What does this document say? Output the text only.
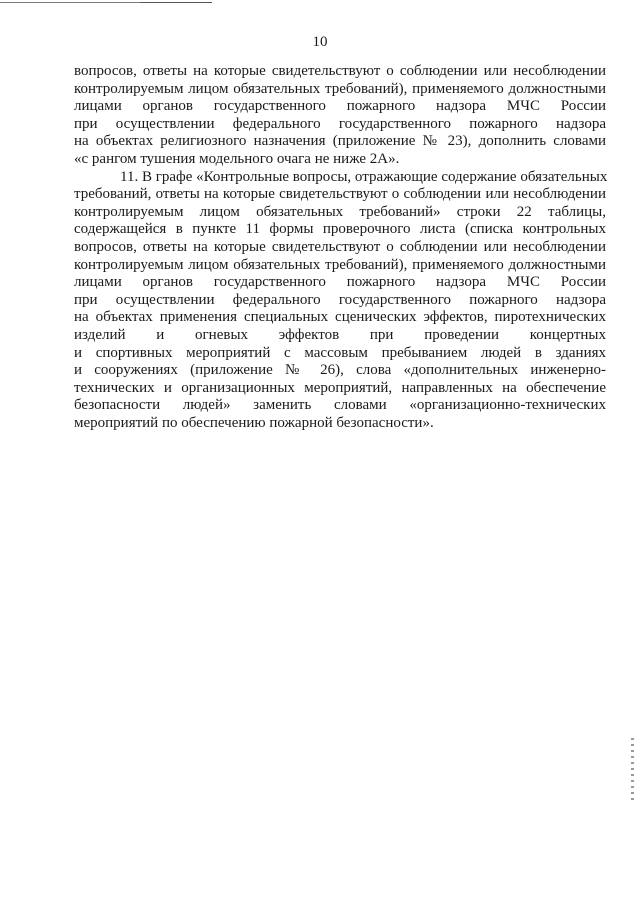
10
вопросов, ответы на которые свидетельствуют о соблюдении или несоблюдении
контролируемым лицом обязательных требований), применяемого должностными
лицами органов государственного пожарного надзора МЧС России
при осуществлении федерального государственного пожарного надзора
на объектах религиозного назначения (приложение № 23), дополнить словами
«с рангом тушения модельного очага не ниже 2А».
11. В графе «Контрольные вопросы, отражающие содержание обязательных
требований, ответы на которые свидетельствуют о соблюдении или несоблюдении
контролируемым лицом обязательных требований» строки 22 таблицы,
содержащейся в пункте 11 формы проверочного листа (списка контрольных
вопросов, ответы на которые свидетельствуют о соблюдении или несоблюдении
контролируемым лицом обязательных требований), применяемого должностными
лицами органов государственного пожарного надзора МЧС России
при осуществлении федерального государственного пожарного надзора
на объектах применения специальных сценических эффектов, пиротехнических
изделий и огневых эффектов при проведении концертных
и спортивных мероприятий с массовым пребыванием людей в зданиях
и сооружениях (приложение № 26), слова «дополнительных инженерно-
технических и организационных мероприятий, направленных на обеспечение
безопасности людей» заменить словами «организационно-технических
мероприятий по обеспечению пожарной безопасности».
